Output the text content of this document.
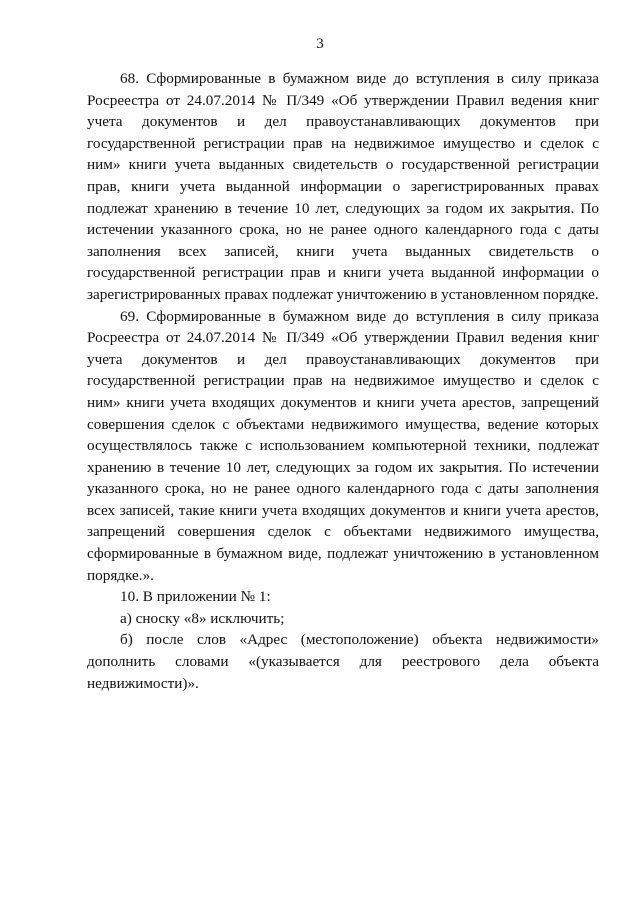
3

68. Сформированные в бумажном виде до вступления в силу приказа Росреестра от 24.07.2014 № П/349 «Об утверждении Правил ведения книг учета документов и дел правоустанавливающих документов при государственной регистрации прав на недвижимое имущество и сделок с ним» книги учета выданных свидетельств о государственной регистрации прав, книги учета выданной информации о зарегистрированных правах подлежат хранению в течение 10 лет, следующих за годом их закрытия. По истечении указанного срока, но не ранее одного календарного года с даты заполнения всех записей, книги учета выданных свидетельств о государственной регистрации прав и книги учета выданной информации о зарегистрированных правах подлежат уничтожению в установленном порядке.

69. Сформированные в бумажном виде до вступления в силу приказа Росреестра от 24.07.2014 № П/349 «Об утверждении Правил ведения книг учета документов и дел правоустанавливающих документов при государственной регистрации прав на недвижимое имущество и сделок с ним» книги учета входящих документов и книги учета арестов, запрещений совершения сделок с объектами недвижимого имущества, ведение которых осуществлялось также с использованием компьютерной техники, подлежат хранению в течение 10 лет, следующих за годом их закрытия. По истечении указанного срока, но не ранее одного календарного года с даты заполнения всех записей, такие книги учета входящих документов и книги учета арестов, запрещений совершения сделок с объектами недвижимого имущества, сформированные в бумажном виде, подлежат уничтожению в установленном порядке.».

10. В приложении № 1:

а) сноску «8» исключить;

б) после слов «Адрес (местоположение) объекта недвижимости» дополнить словами «(указывается для реестрового дела объекта недвижимости)».
